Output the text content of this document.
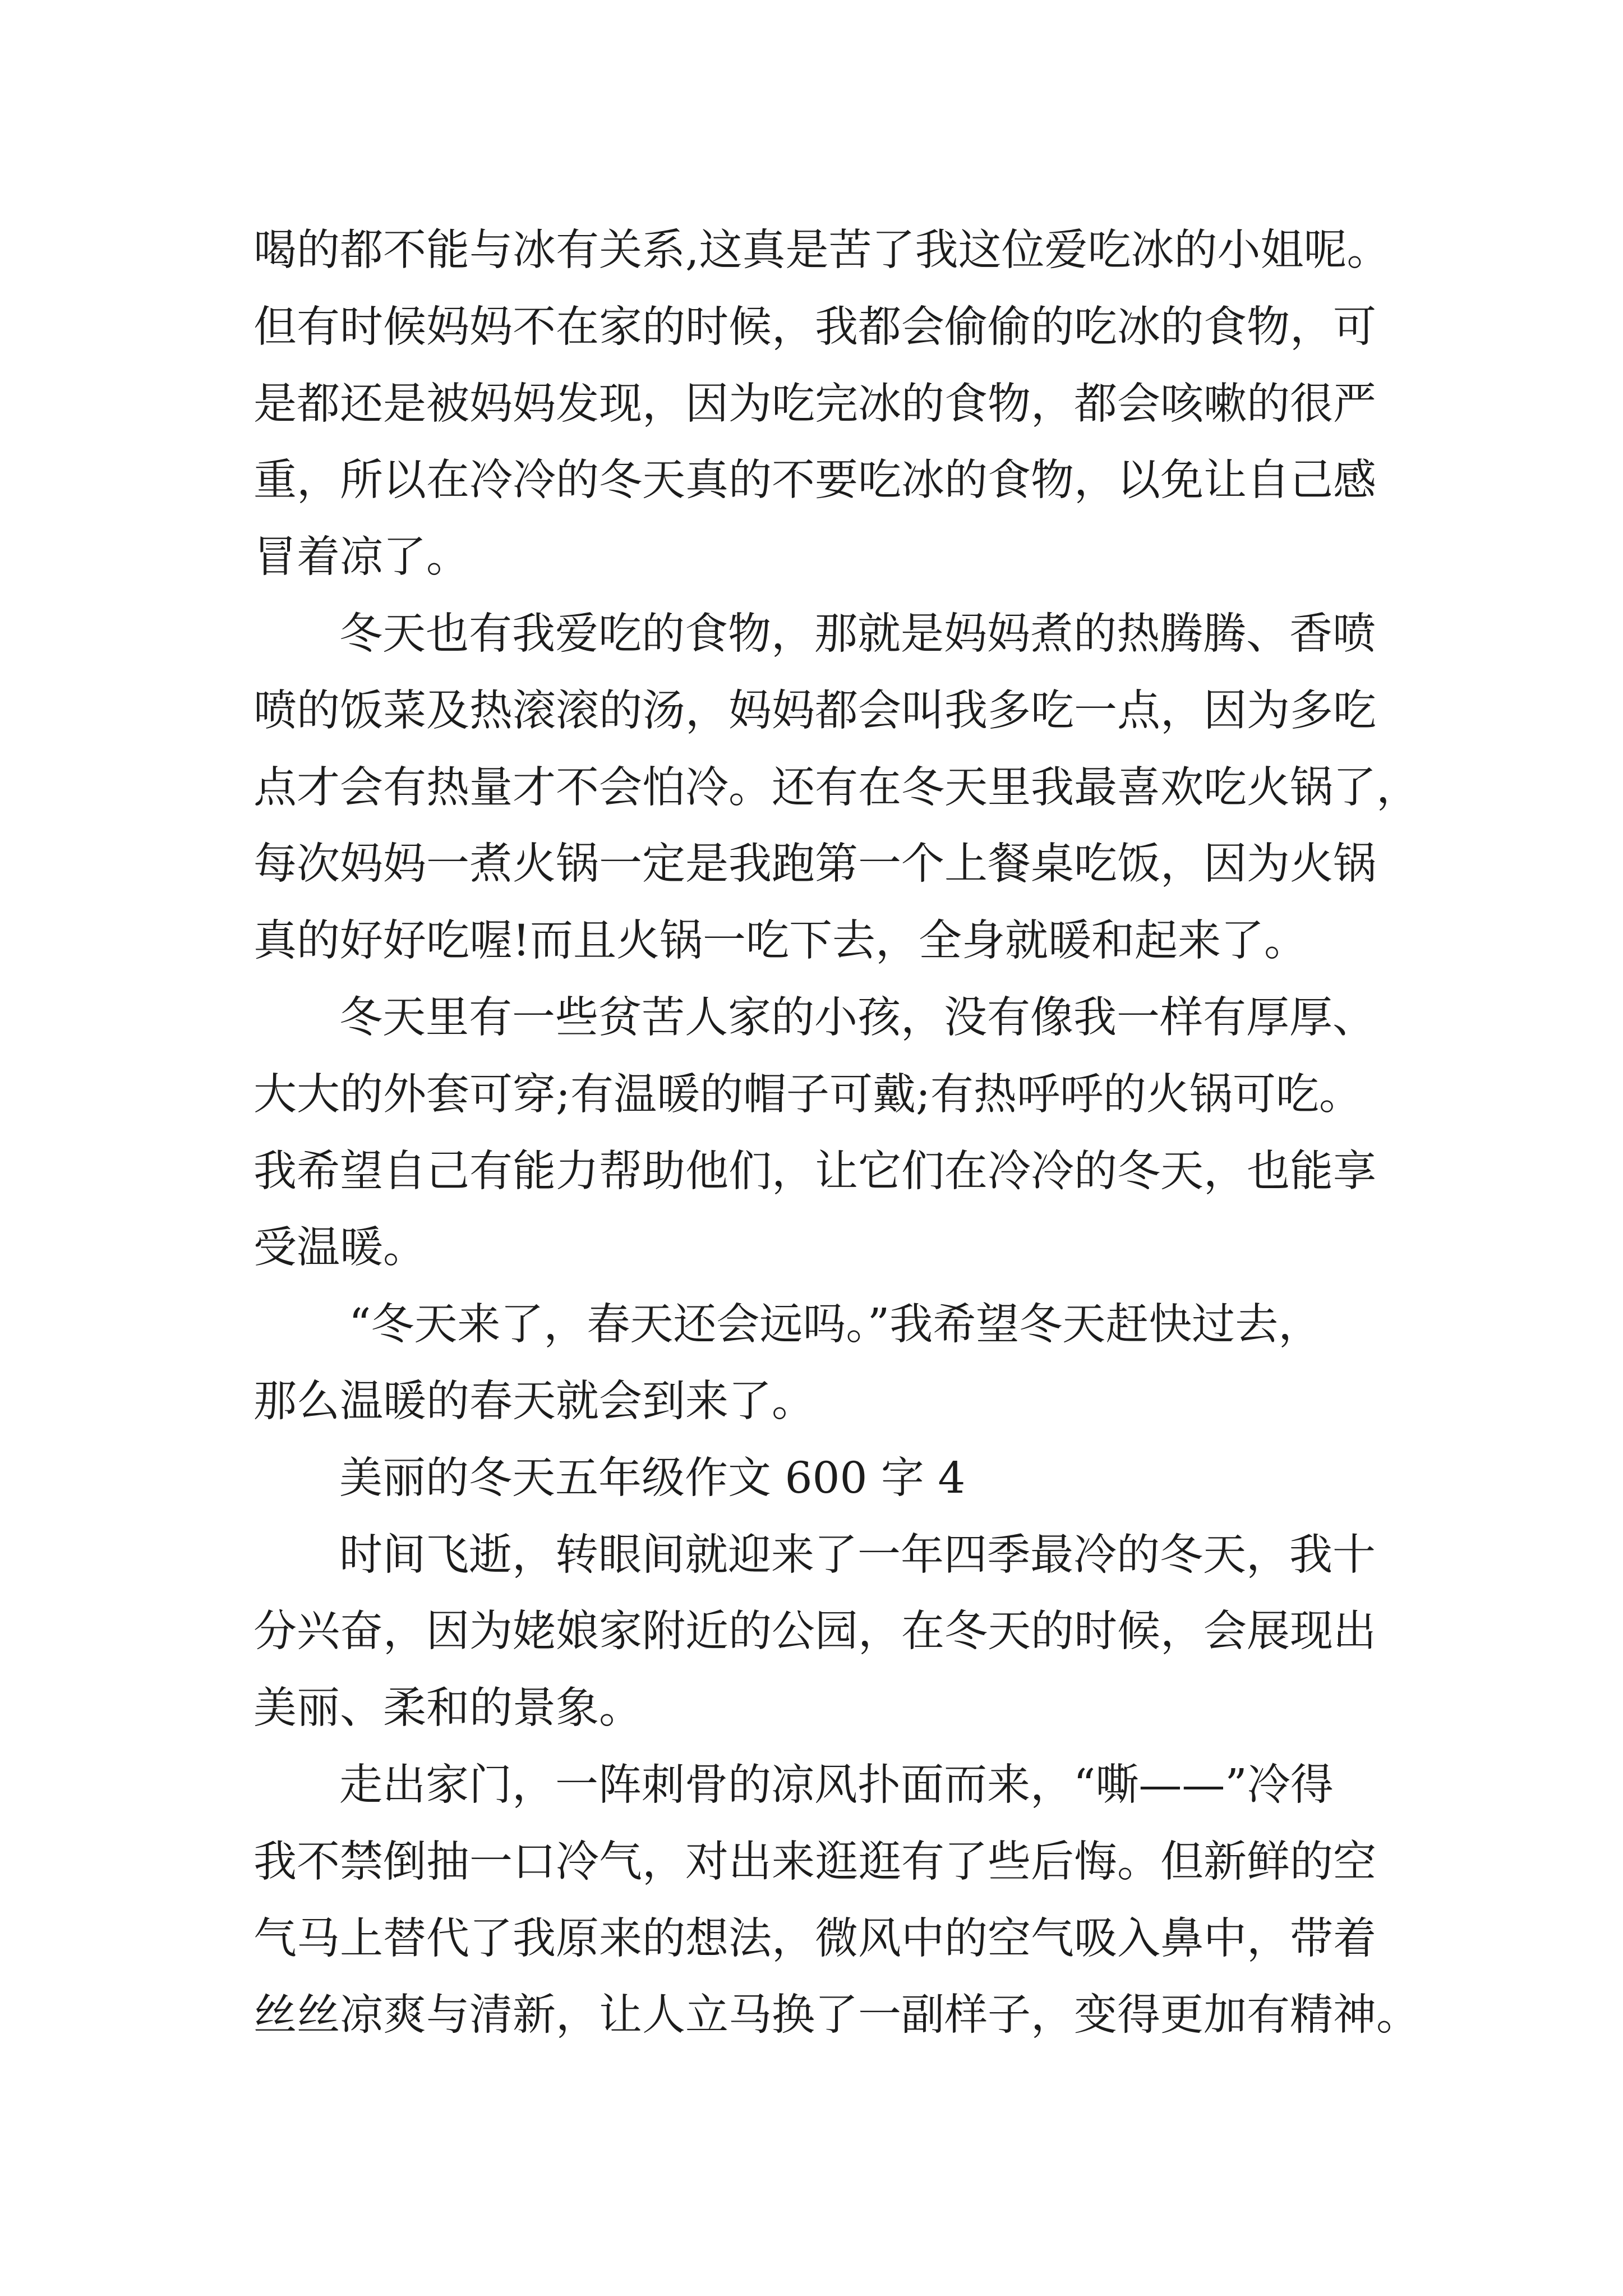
喝的都不能与冰有关系,这真是苦了我这位爱吃冰的小姐呢。
但有时候妈妈不在家的时候，我都会偷偷的吃冰的食物，可
是都还是被妈妈发现，因为吃完冰的食物，都会咳嗽的很严
重，所以在冷冷的冬天真的不要吃冰的食物，以免让自己感
冒着凉了。
冬天也有我爱吃的食物，那就是妈妈煮的热腾腾、香喷
喷的饭菜及热滚滚的汤，妈妈都会叫我多吃一点，因为多吃
点才会有热量才不会怕冷。还有在冬天里我最喜欢吃火锅了，
每次妈妈一煮火锅一定是我跑第一个上餐桌吃饭，因为火锅
真的好好吃喔!而且火锅一吃下去，全身就暖和起来了。
冬天里有一些贫苦人家的小孩，没有像我一样有厚厚、
大大的外套可穿;有温暖的帽子可戴;有热呼呼的火锅可吃。
我希望自己有能力帮助他们，让它们在冷冷的冬天，也能享
受温暖。
“冬天来了，春天还会远吗。”我希望冬天赶快过去，
那么温暖的春天就会到来了。
美丽的冬天五年级作文 600 字 4
时间飞逝，转眼间就迎来了一年四季最冷的冬天，我十
分兴奋，因为姥娘家附近的公园，在冬天的时候，会展现出
美丽、柔和的景象。
走出家门，一阵刺骨的凉风扑面而来，“嘶——”冷得
我不禁倒抽一口冷气，对出来逛逛有了些后悔。但新鲜的空
气马上替代了我原来的想法，微风中的空气吸入鼻中，带着
丝丝凉爽与清新，让人立马换了一副样子，变得更加有精神。
